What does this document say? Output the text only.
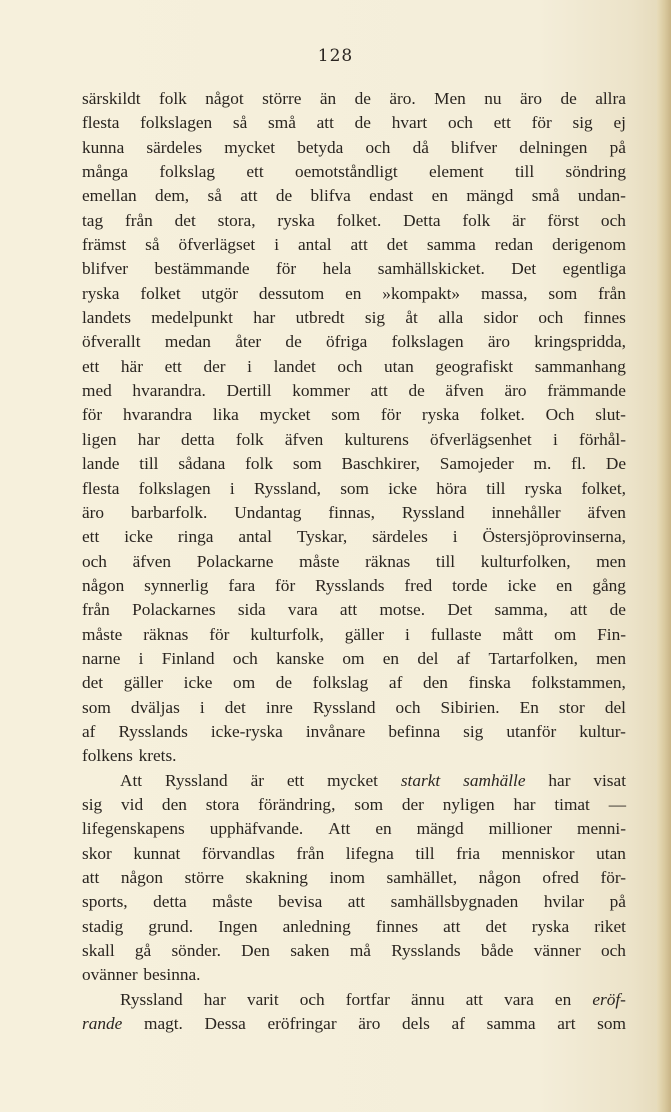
128
särskildt folk något större än de äro. Men nu äro de allra
flesta folkslagen så små att de hvart och ett för sig ej
kunna särdeles mycket betyda och då blifver delningen på
många folkslag ett oemotståndligt element till söndring
emellan dem, så att de blifva endast en mängd små undan-
tag från det stora, ryska folket. Detta folk är först och
främst så öfverlägset i antal att det samma redan derigenom
blifver bestämmande för hela samhällskicket. Det egentliga
ryska folket utgör dessutom en »kompakt» massa, som från
landets medelpunkt har utbredt sig åt alla sidor och finnes
öfverallt medan åter de öfriga folkslagen äro kringspridda,
ett här ett der i landet och utan geografiskt sammanhang
med hvarandra. Dertill kommer att de äfven äro främmande
för hvarandra lika mycket som för ryska folket. Och slut-
ligen har detta folk äfven kulturens öfverlägsenhet i förhål-
lande till sådana folk som Baschkirer, Samojeder m. fl. De
flesta folkslagen i Ryssland, som icke höra till ryska folket,
äro barbarfolk. Undantag finnas, Ryssland innehåller äfven
ett icke ringa antal Tyskar, särdeles i Östersjöprovinserna,
och äfven Polackarne måste räknas till kulturfolken, men
någon synnerlig fara för Rysslands fred torde icke en gång
från Polackarnes sida vara att motse. Det samma, att de
måste räknas för kulturfolk, gäller i fullaste mått om Fin-
narne i Finland och kanske om en del af Tartarfolken, men
det gäller icke om de folkslag af den finska folkstammen,
som dväljas i det inre Ryssland och Sibirien. En stor del
af Rysslands icke-ryska invånare befinna sig utanför kultur-
folkens krets.
Att Ryssland är ett mycket starkt samhälle har visat
sig vid den stora förändring, som der nyligen har timat —
lifegenskapens upphäfvande. Att en mängd millioner menni-
skor kunnat förvandlas från lifegna till fria menniskor utan
att någon större skakning inom samhället, någon ofred för-
sports, detta måste bevisa att samhällsbygnaden hvilar på
stadig grund. Ingen anledning finnes att det ryska riket
skall gå sönder. Den saken må Rysslands både vänner och
ovänner besinna.
Ryssland har varit och fortfar ännu att vara en eröf-
rande magt. Dessa eröfringar äro dels af samma art som
